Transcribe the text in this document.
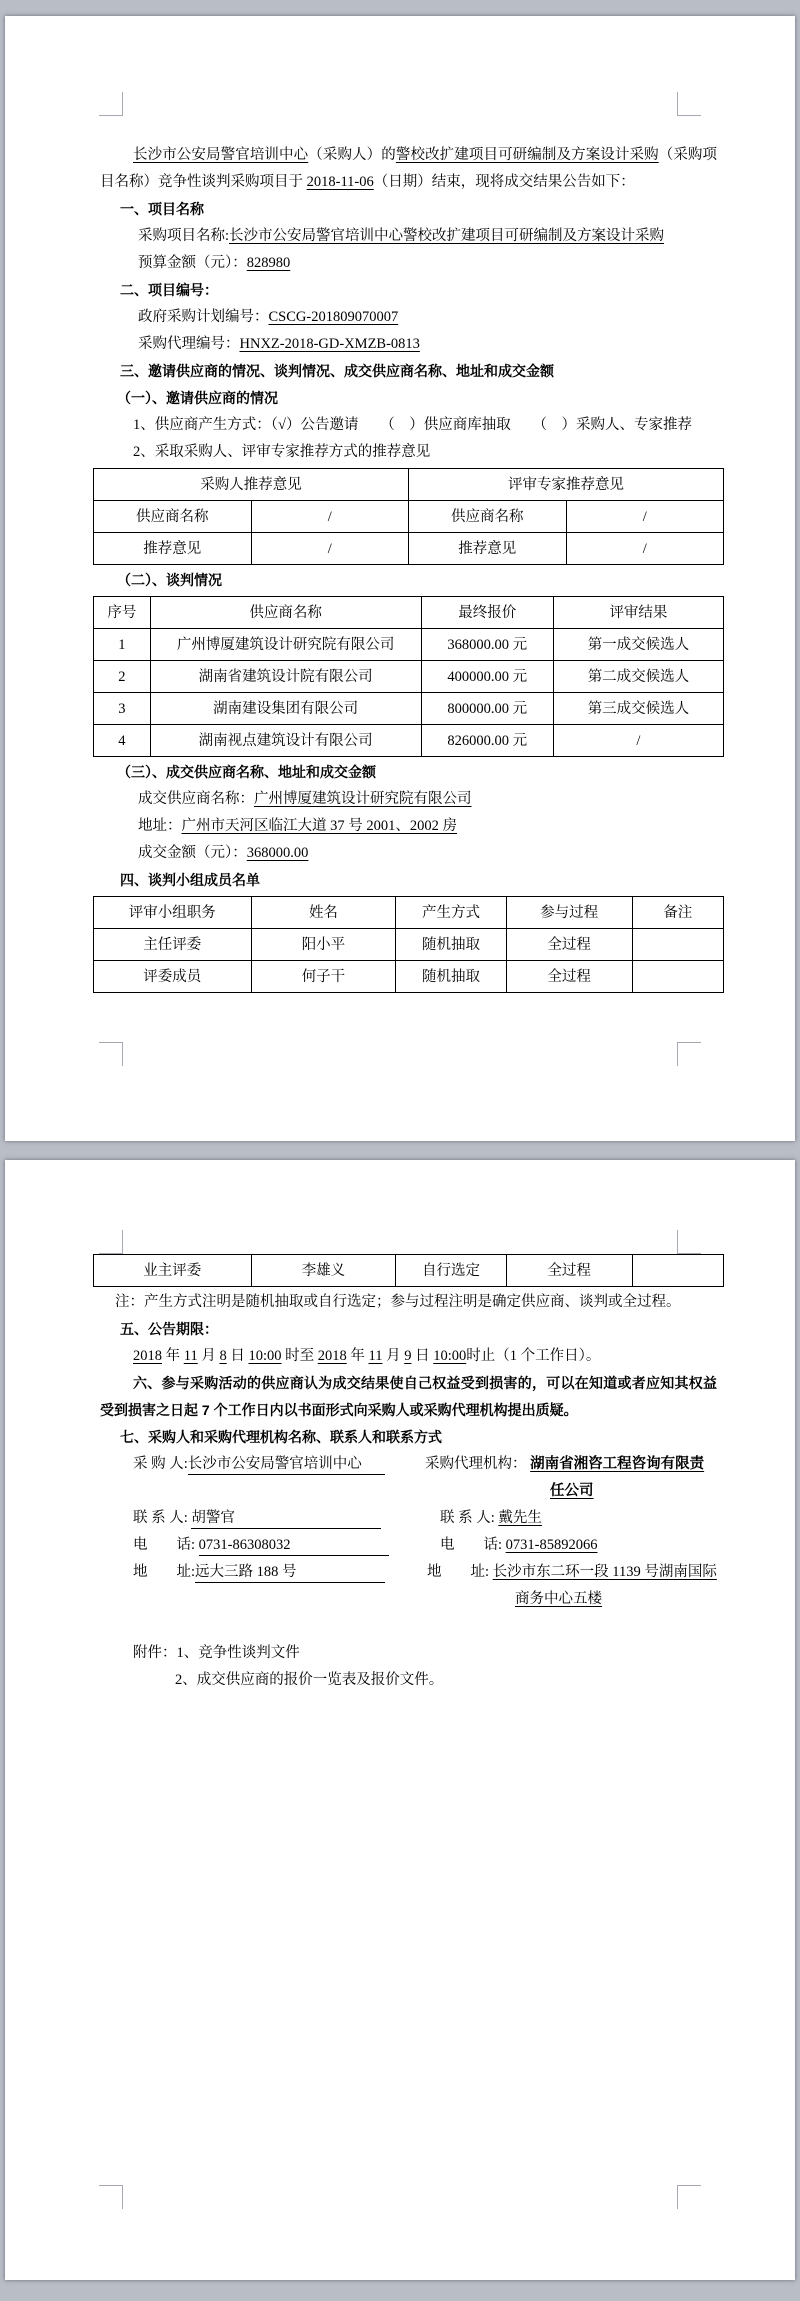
长沙市公安局警官培训中心（采购人）的警校改扩建项目可研编制及方案设计采购（采购项目名称）竞争性谈判采购项目于 2018-11-06（日期）结束，现将成交结果公告如下：

一、项目名称

采购项目名称:长沙市公安局警官培训中心警校改扩建项目可研编制及方案设计采购

预算金额（元）：828980

二、项目编号：

政府采购计划编号：CSCG-201809070007

采购代理编号：HNXZ-2018-GD-XMZB-0813

三、邀请供应商的情况、谈判情况、成交供应商名称、地址和成交金额

（一）、邀请供应商的情况

1、供应商产生方式：（√）公告邀请　　（　）供应商库抽取　　（　）采购人、专家推荐

2、采取采购人、评审专家推荐方式的推荐意见

采购人推荐意见		评审专家推荐意见	
供应商名称	/	供应商名称	/
推荐意见	/	推荐意见	/

（二）、谈判情况

序号	供应商名称	最终报价	评审结果
1	广州博厦建筑设计研究院有限公司	368000.00 元	第一成交候选人
2	湖南省建筑设计院有限公司	400000.00 元	第二成交候选人
3	湖南建设集团有限公司	800000.00 元	第三成交候选人
4	湖南视点建筑设计有限公司	826000.00 元	/

（三）、成交供应商名称、地址和成交金额

成交供应商名称：广州博厦建筑设计研究院有限公司

地址：广州市天河区临江大道 37 号 2001、2002 房

成交金额（元）：368000.00

四、谈判小组成员名单

评审小组职务	姓名	产生方式	参与过程	备注
主任评委	阳小平	随机抽取	全过程	
评委成员	何子干	随机抽取	全过程	
业主评委	李雄义	自行选定	全过程	

注：产生方式注明是随机抽取或自行选定；参与过程注明是确定供应商、谈判或全过程。

五、公告期限：

2018 年 11 月 8 日 10:00 时至 2018 年 11 月 9 日 10:00时止（1 个工作日）。

六、参与采购活动的供应商认为成交结果使自己权益受到损害的，可以在知道或者应知其权益受到损害之日起 7 个工作日内以书面形式向采购人或采购代理机构提出质疑。

七、采购人和采购代理机构名称、联系人和联系方式

采 购 人:长沙市公安局警官培训中心	采购代理机构： 湖南省湘咨工程咨询有限责任公司
联 系 人: 胡警官	联 系 人: 戴先生
电　　话: 0731-86308032	电　　话: 0731-85892066
地　　址:远大三路 188 号	地　　址: 长沙市东二环一段 1139 号湖南国际商务中心五楼

附件：1、竞争性谈判文件

2、成交供应商的报价一览表及报价文件。
